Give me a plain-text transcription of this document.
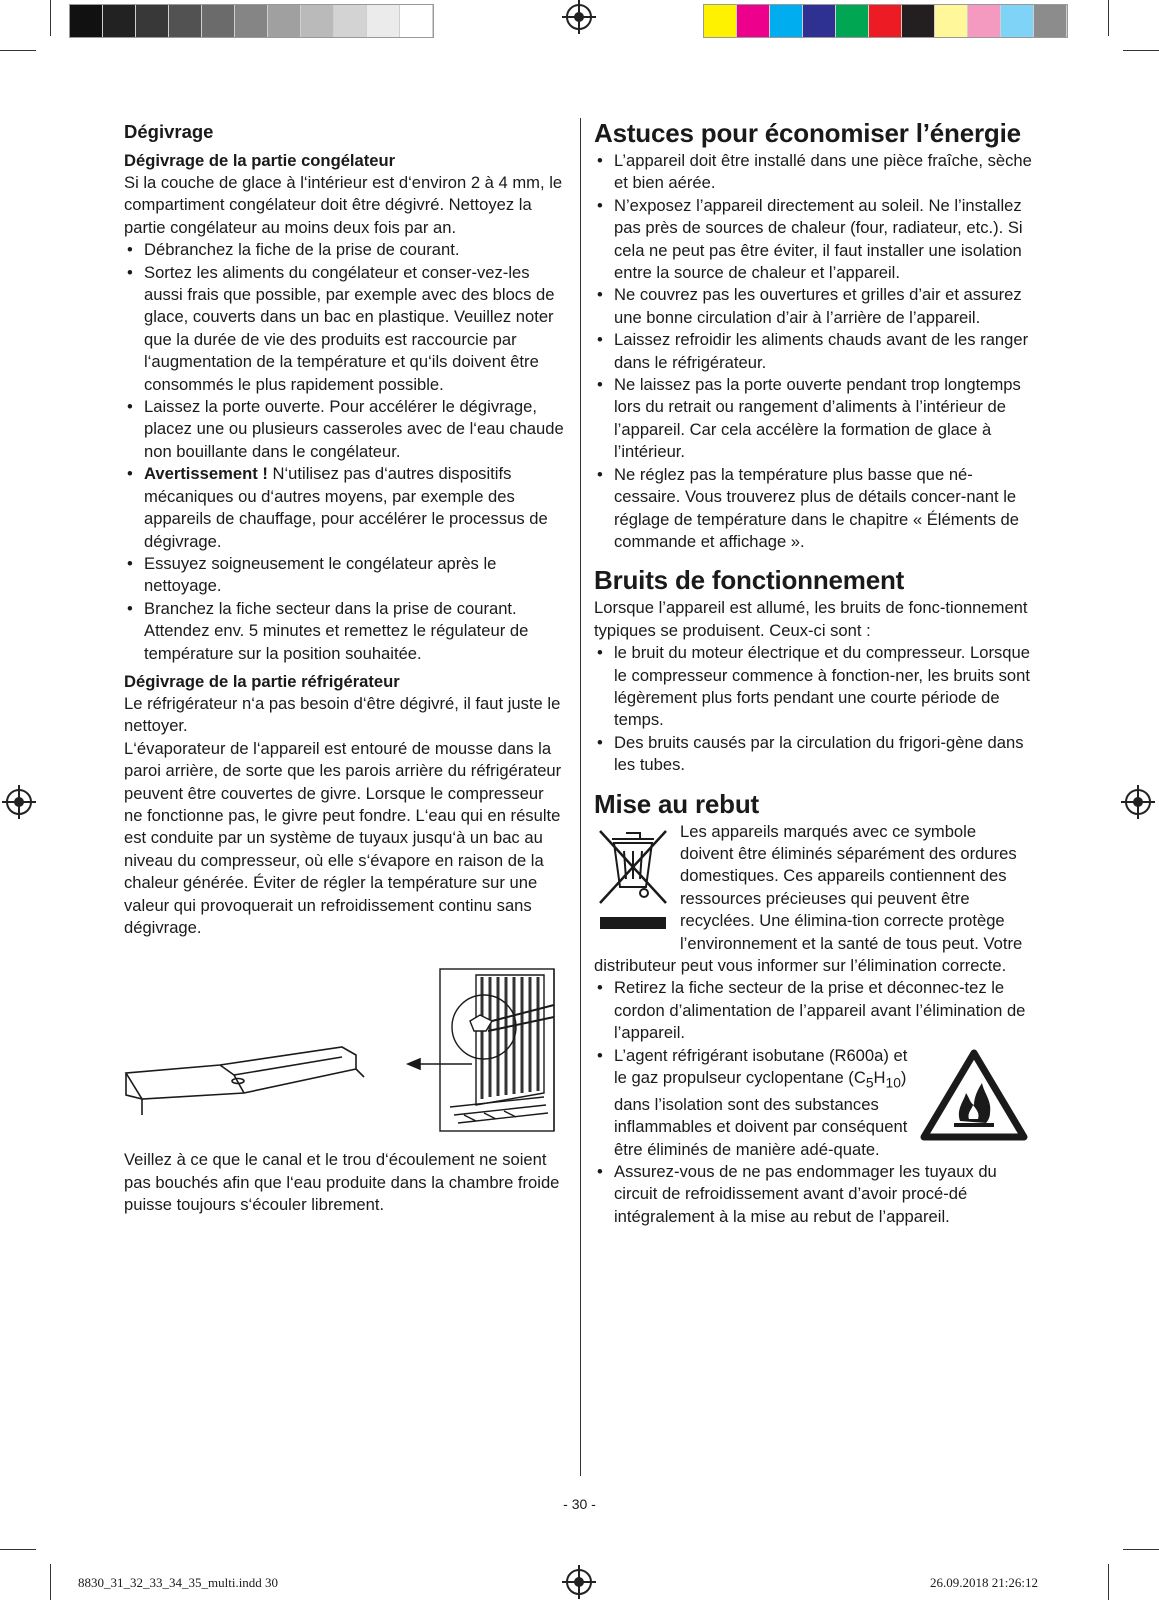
Dégivrage
Dégivrage de la partie congélateur

Si la couche de glace à l‘intérieur est d‘environ 2 à 4 mm, le compartiment congélateur doit être dégivré. Nettoyez la partie congélateur au moins deux fois par an.

• Débranchez la fiche de la prise de courant.
• Sortez les aliments du congélateur et conser-vez-les aussi frais que possible, par exemple avec des blocs de glace, couverts dans un bac en plastique. Veuillez noter que la durée de vie des produits est raccourcie par l‘augmentation de la température et qu‘ils doivent être consommés le plus rapidement possible.
• Laissez la porte ouverte. Pour accélérer le dégivrage, placez une ou plusieurs casseroles avec de l‘eau chaude non bouillante dans le congélateur.
• Avertissement ! N‘utilisez pas d‘autres dispositifs mécaniques ou d‘autres moyens, par exemple des appareils de chauffage, pour accélérer le processus de dégivrage.
• Essuyez soigneusement le congélateur après le nettoyage.
• Branchez la fiche secteur dans la prise de courant. Attendez env. 5 minutes et remettez le régulateur de température sur la position souhaitée.
Dégivrage de la partie réfrigérateur

Le réfrigérateur n‘a pas besoin d‘être dégivré, il faut juste le nettoyer.

L‘évaporateur de l‘appareil est entouré de mousse dans la paroi arrière, de sorte que les parois arrière du réfrigérateur peuvent être couvertes de givre. Lorsque le compresseur ne fonctionne pas, le givre peut fondre. L‘eau qui en résulte est conduite par un système de tuyaux jusqu‘à un bac au niveau du compresseur, où elle s‘évapore en raison de la chaleur générée. Éviter de régler la température sur une valeur qui provoquerait un refroidissement continu sans dégivrage.

Veillez à ce que le canal et le trou d‘écoulement ne soient pas bouchés afin que l‘eau produite dans la chambre froide puisse toujours s‘écouler librement.

Astuces pour économiser l’énergie
• L’appareil doit être installé dans une pièce fraîche, sèche et bien aérée.
• N’exposez l’appareil directement au soleil. Ne l’installez pas près de sources de chaleur (four, radiateur, etc.). Si cela ne peut pas être éviter, il faut installer une isolation entre la source de chaleur et l’appareil.
• Ne couvrez pas les ouvertures et grilles d’air et assurez une bonne circulation d’air à l’arrière de l’appareil.
• Laissez refroidir les aliments chauds avant de les ranger dans le réfrigérateur.
• Ne laissez pas la porte ouverte pendant trop longtemps lors du retrait ou rangement d’aliments à l’intérieur de l’appareil. Car cela accélère la formation de glace à l’intérieur.
• Ne réglez pas la température plus basse que né-cessaire. Vous trouverez plus de détails concer-nant le réglage de température dans le chapitre « Éléments de commande et affichage ».
Bruits de fonctionnement

Lorsque l’appareil est allumé, les bruits de fonc-tionnement typiques se produisent. Ceux-ci sont :

• le bruit du moteur électrique et du compresseur. Lorsque le compresseur commence à fonction-ner, les bruits sont légèrement plus forts pendant une courte période de temps.
• Des bruits causés par la circulation du frigori-gène dans les tubes.
Mise au rebut

Les appareils marqués avec ce symbole doivent être éliminés séparément des ordures domestiques. Ces appareils contiennent des ressources précieuses qui peuvent être recyclées. Une élimina-tion correcte protège l’environnement et la santé de tous peut. Votre distributeur peut vous informer sur l’élimination correcte.

• Retirez la fiche secteur de la prise et déconnec-tez le cordon d’alimentation de l’appareil avant l’élimination de l’appareil.
• L’agent réfrigérant isobutane (R600a) et le gaz propulseur cyclopentane $(C_5H_{10})$ dans l’isolation sont des substances inflammables et doivent par conséquent être éliminés de manière adé-quate.
• Assurez-vous de ne pas endommager les tuyaux du circuit de refroidissement avant d’avoir procé-dé intégralement à la mise au rebut de l’appareil.
- 30 -
8830_31_32_33_34_35_multi.indd 30	26.09.2018 21:26:12
